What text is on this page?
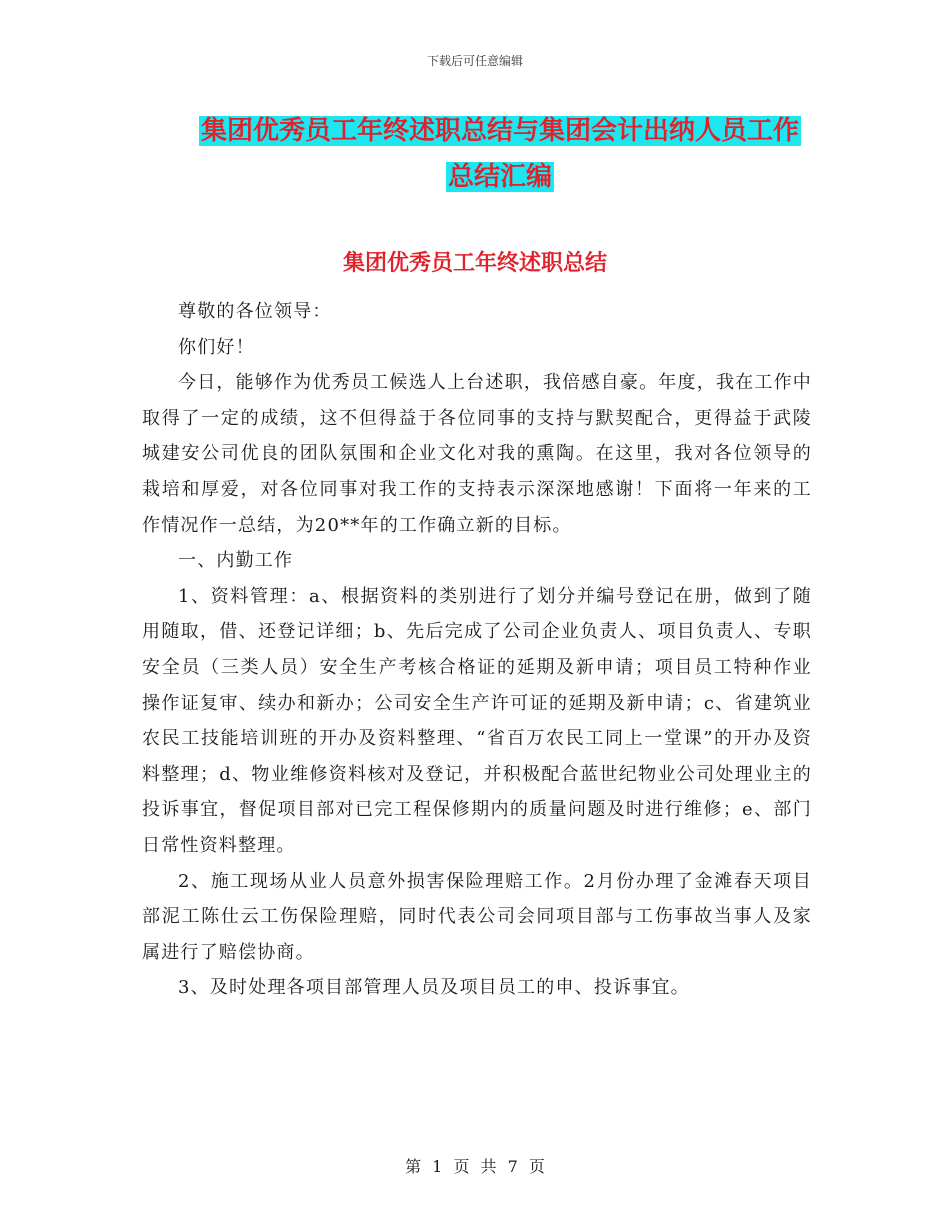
下载后可任意编辑
集团优秀员工年终述职总结与集团会计出纳人员工作
总结汇编
集团优秀员工年终述职总结

尊敬的各位领导：

你们好！

今日，能够作为优秀员工候选人上台述职，我倍感自豪。年度，我在工作中取得了一定的成绩，这不但得益于各位同事的支持与默契配合，更得益于武陵城建安公司优良的团队氛围和企业文化对我的熏陶。在这里，我对各位领导的栽培和厚爱，对各位同事对我工作的支持表示深深地感谢！下面将一年来的工作情况作一总结，为20**年的工作确立新的目标。

一、内勤工作

1、资料管理：a、根据资料的类别进行了划分并编号登记在册，做到了随用随取，借、还登记详细；b、先后完成了公司企业负责人、项目负责人、专职安全员（三类人员）安全生产考核合格证的延期及新申请；项目员工特种作业操作证复审、续办和新办；公司安全生产许可证的延期及新申请；c、省建筑业农民工技能培训班的开办及资料整理、“省百万农民工同上一堂课”的开办及资料整理；d、物业维修资料核对及登记，并积极配合蓝世纪物业公司处理业主的投诉事宜，督促项目部对已完工程保修期内的质量问题及时进行维修；e、部门日常性资料整理。

2、施工现场从业人员意外损害保险理赔工作。2月份办理了金滩春天项目部泥工陈仕云工伤保险理赔，同时代表公司会同项目部与工伤事故当事人及家属进行了赔偿协商。

3、及时处理各项目部管理人员及项目员工的申、投诉事宜。

第 1 页 共 7 页
